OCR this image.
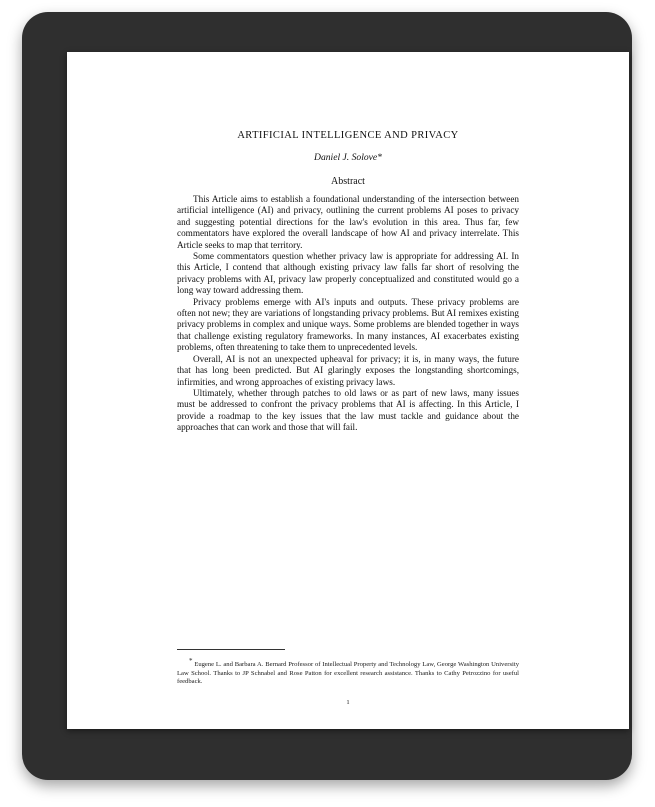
ARTIFICIAL INTELLIGENCE AND PRIVACY
Daniel J. Solove*
Abstract

This Article aims to establish a foundational understanding of the intersection between artificial intelligence (AI) and privacy, outlining the current problems AI poses to privacy and suggesting potential directions for the law's evolution in this area. Thus far, few commentators have explored the overall landscape of how AI and privacy interrelate. This Article seeks to map that territory.

Some commentators question whether privacy law is appropriate for addressing AI. In this Article, I contend that although existing privacy law falls far short of resolving the privacy problems with AI, privacy law properly conceptualized and constituted would go a long way toward addressing them.

Privacy problems emerge with AI's inputs and outputs. These privacy problems are often not new; they are variations of longstanding privacy problems. But AI remixes existing privacy problems in complex and unique ways. Some problems are blended together in ways that challenge existing regulatory frameworks. In many instances, AI exacerbates existing problems, often threatening to take them to unprecedented levels.

Overall, AI is not an unexpected upheaval for privacy; it is, in many ways, the future that has long been predicted. But AI glaringly exposes the longstanding shortcomings, infirmities, and wrong approaches of existing privacy laws.

Ultimately, whether through patches to old laws or as part of new laws, many issues must be addressed to confront the privacy problems that AI is affecting. In this Article, I provide a roadmap to the key issues that the law must tackle and guidance about the approaches that can work and those that will fail.

* Eugene L. and Barbara A. Bernard Professor of Intellectual Property and Technology Law, George Washington University Law School. Thanks to JP Schnabel and Rose Patton for excellent research assistance. Thanks to Cathy Petrozzino for useful feedback.
1
